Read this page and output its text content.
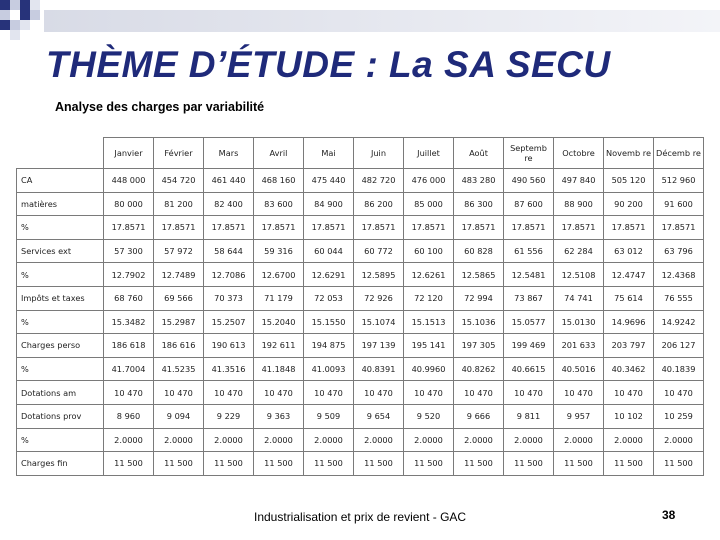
THÈME D’ÉTUDE : La SA SECU

Analyse des charges par variabilité

	Janvier	Février	Mars	Avril	Mai	Juin	Juillet	Août	Septemb re	Octobre	Novemb re	Décemb re
CA	448 000	454 720	461 440	468 160	475 440	482 720	476 000	483 280	490 560	497 840	505 120	512 960
matières	80 000	81 200	82 400	83 600	84 900	86 200	85 000	86 300	87 600	88 900	90 200	91 600
%	17.8571	17.8571	17.8571	17.8571	17.8571	17.8571	17.8571	17.8571	17.8571	17.8571	17.8571	17.8571
Services ext	57 300	57 972	58 644	59 316	60 044	60 772	60 100	60 828	61 556	62 284	63 012	63 796
%	12.7902	12.7489	12.7086	12.6700	12.6291	12.5895	12.6261	12.5865	12.5481	12.5108	12.4747	12.4368
Impôts et taxes	68 760	69 566	70 373	71 179	72 053	72 926	72 120	72 994	73 867	74 741	75 614	76 555
%	15.3482	15.2987	15.2507	15.2040	15.1550	15.1074	15.1513	15.1036	15.0577	15.0130	14.9696	14.9242
Charges perso	186 618	186 616	190 613	192 611	194 875	197 139	195 141	197 305	199 469	201 633	203 797	206 127
%	41.7004	41.5235	41.3516	41.1848	41.0093	40.8391	40.9960	40.8262	40.6615	40.5016	40.3462	40.1839
Dotations am	10 470	10 470	10 470	10 470	10 470	10 470	10 470	10 470	10 470	10 470	10 470	10 470
Dotations prov	8 960	9 094	9 229	9 363	9 509	9 654	9 520	9 666	9 811	9 957	10 102	10 259
%	2.0000	2.0000	2.0000	2.0000	2.0000	2.0000	2.0000	2.0000	2.0000	2.0000	2.0000	2.0000
Charges fin	11 500	11 500	11 500	11 500	11 500	11 500	11 500	11 500	11 500	11 500	11 500	11 500

Industrialisation et prix de revient - GAC	38
